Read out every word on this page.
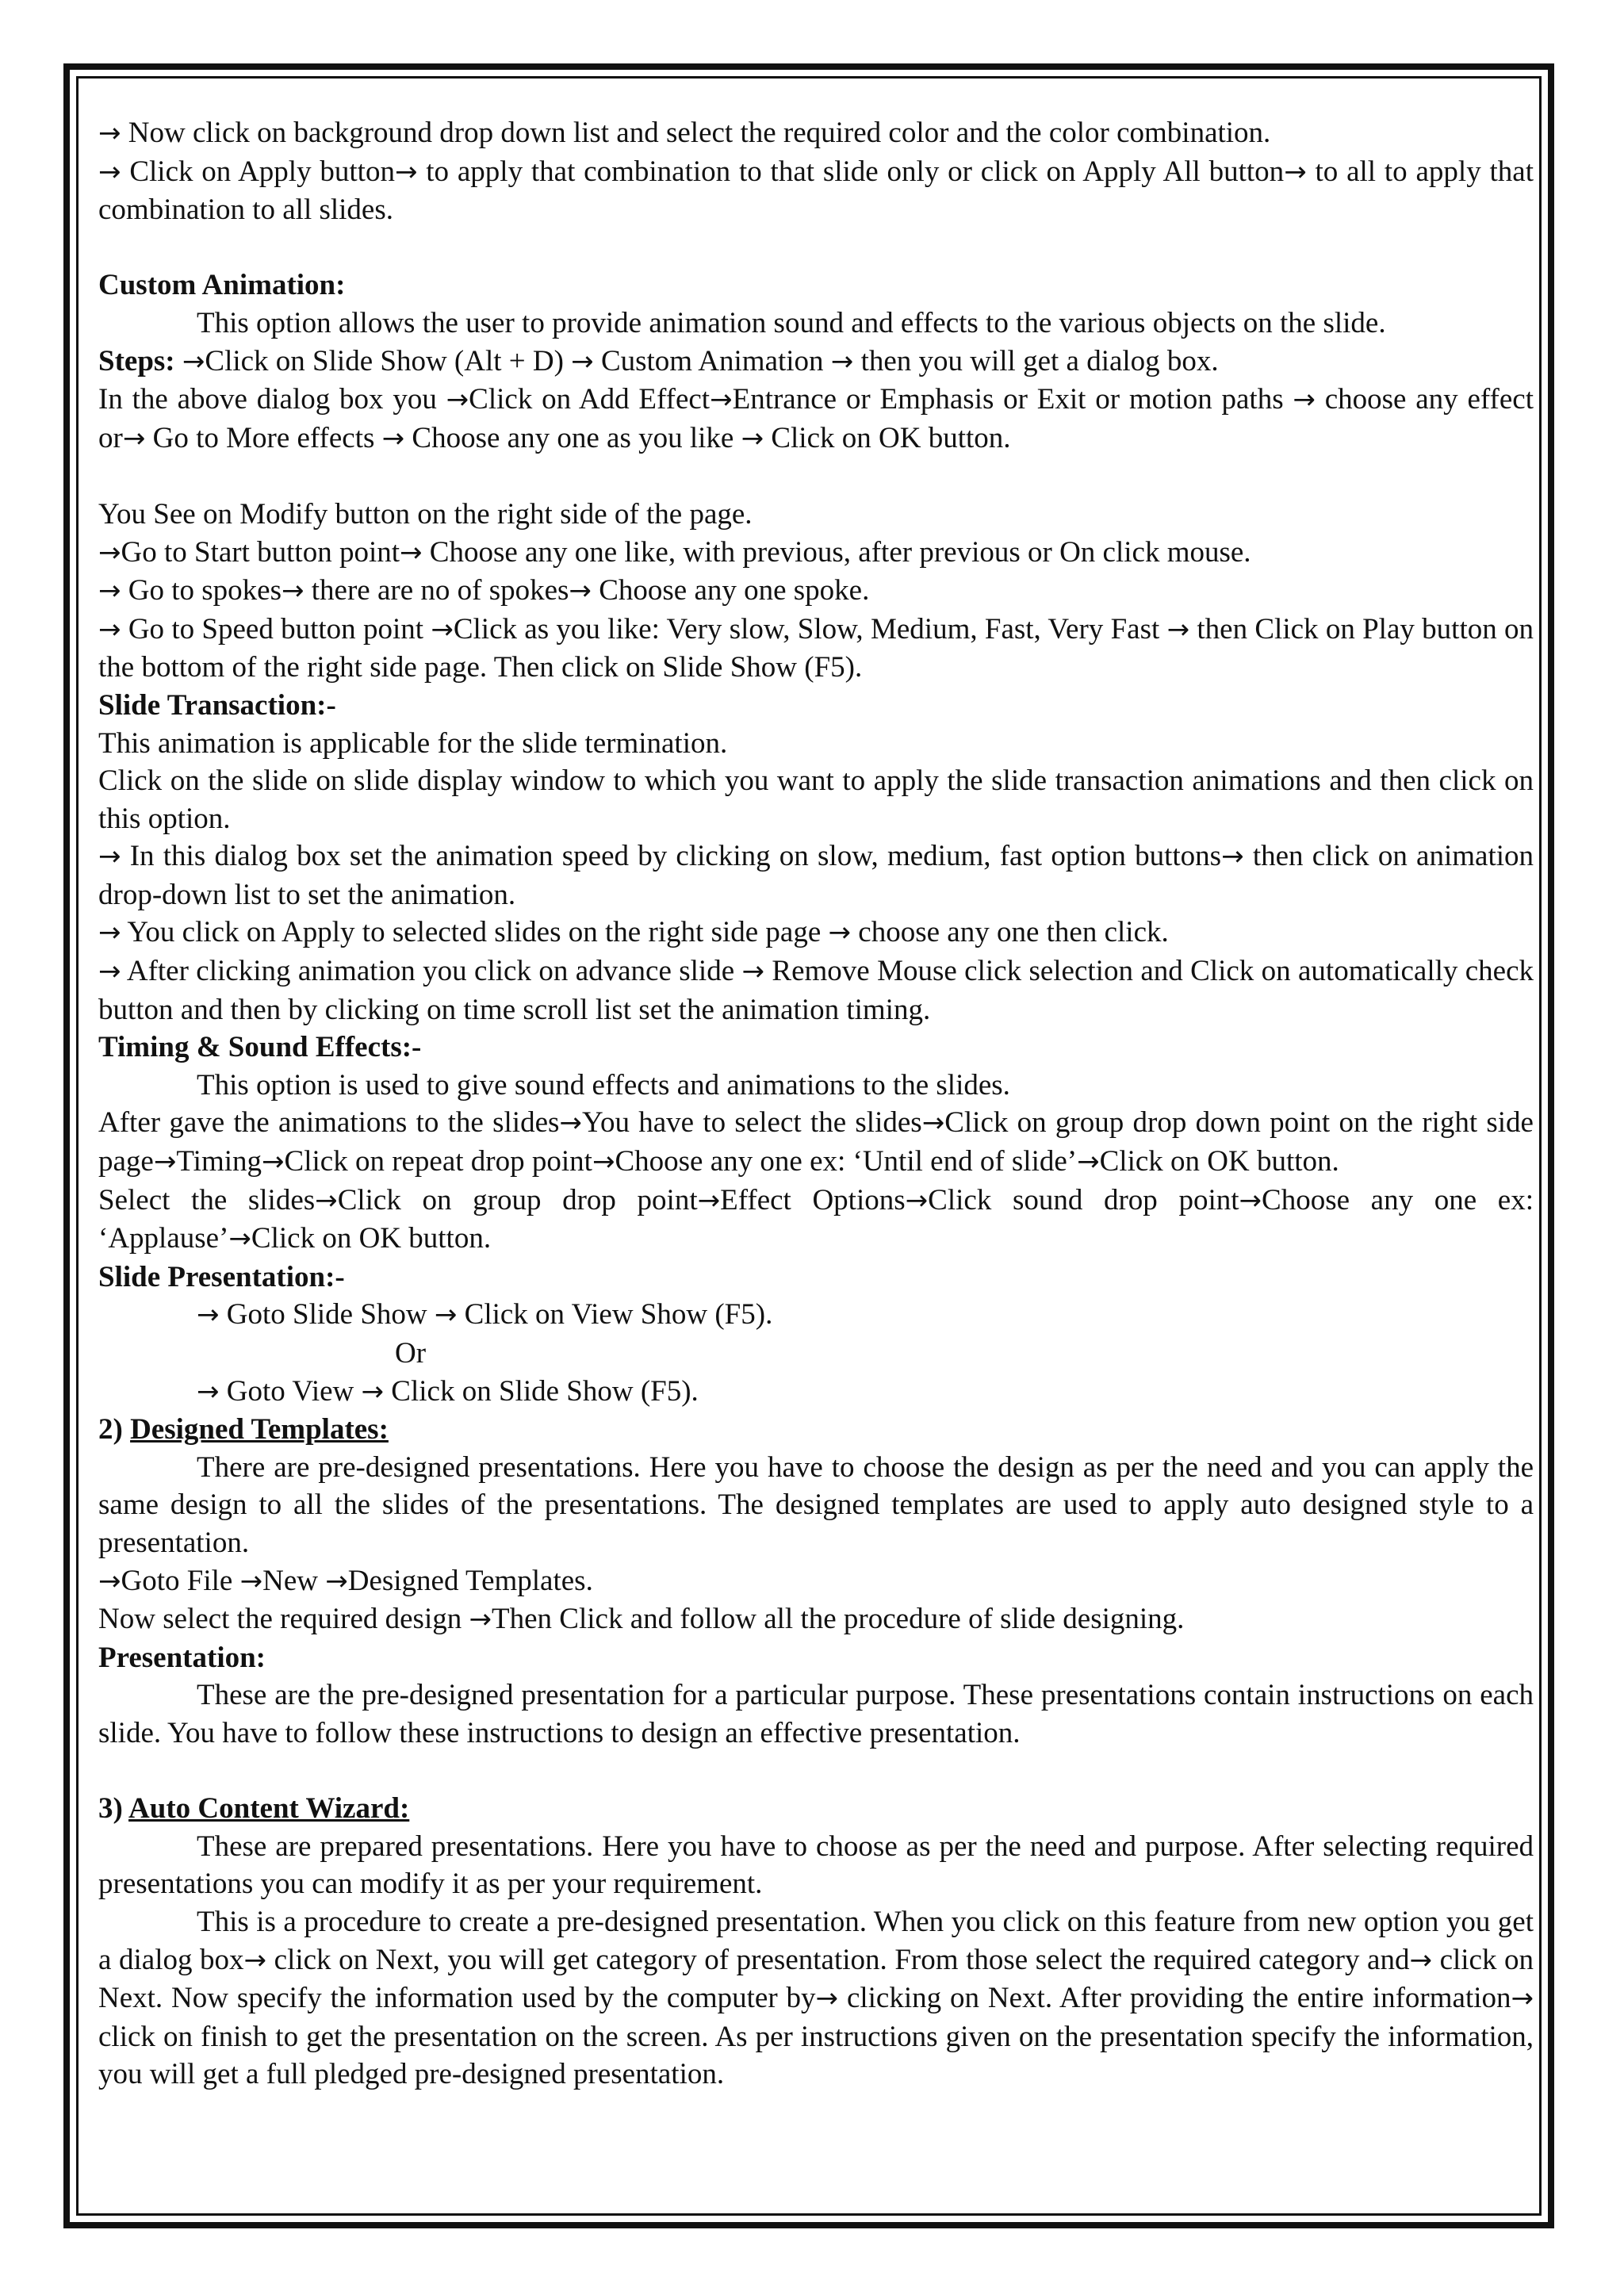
→ Now click on background drop down list and select the required color and the color combination.

→ Click on Apply button→ to apply that combination to that slide only or click on Apply All button→ to all to apply that combination to all slides.

Custom Animation:

This option allows the user to provide animation sound and effects to the various objects on the slide.

Steps: →Click on Slide Show (Alt + D) → Custom Animation → then you will get a dialog box.

In the above dialog box you →Click on Add Effect→Entrance or Emphasis or Exit or motion paths → choose any effect or→ Go to More effects → Choose any one as you like → Click on OK button.

You See on Modify button on the right side of the page.

→Go to Start button point→ Choose any one like, with previous, after previous or On click mouse.

→ Go to spokes→ there are no of spokes→ Choose any one spoke.

→ Go to Speed button point →Click as you like: Very slow, Slow, Medium, Fast, Very Fast → then Click on Play button on the bottom of the right side page. Then click on Slide Show (F5).

Slide Transaction:-

This animation is applicable for the slide termination.

Click on the slide on slide display window to which you want to apply the slide transaction animations and then click on this option.

→ In this dialog box set the animation speed by clicking on slow, medium, fast option buttons→ then click on animation drop-down list to set the animation.

→ You click on Apply to selected slides on the right side page → choose any one then click.

→ After clicking animation you click on advance slide → Remove Mouse click selection and Click on automatically check button and then by clicking on time scroll list set the animation timing.

Timing & Sound Effects:-

This option is used to give sound effects and animations to the slides.

After gave the animations to the slides→You have to select the slides→Click on group drop down point on the right side page→Timing→Click on repeat drop point→Choose any one ex: ‘Until end of slide’→Click on OK button.

Select the slides→Click on group drop point→Effect Options→Click sound drop point→Choose any one ex: ‘Applause’→Click on OK button.

Slide Presentation:-

→ Goto Slide Show → Click on View Show (F5).

Or

→ Goto View → Click on Slide Show (F5).

2) Designed Templates:

There are pre-designed presentations. Here you have to choose the design as per the need and you can apply the same design to all the slides of the presentations. The designed templates are used to apply auto designed style to a presentation.

→Goto File →New →Designed Templates.

Now select the required design →Then Click and follow all the procedure of slide designing.

Presentation:

These are the pre-designed presentation for a particular purpose. These presentations contain instructions on each slide. You have to follow these instructions to design an effective presentation.

3) Auto Content Wizard:

These are prepared presentations. Here you have to choose as per the need and purpose. After selecting required presentations you can modify it as per your requirement.

This is a procedure to create a pre-designed presentation. When you click on this feature from new option you get a dialog box→ click on Next, you will get category of presentation. From those select the required category and→ click on Next. Now specify the information used by the computer by→ clicking on Next. After providing the entire information→ click on finish to get the presentation on the screen. As per instructions given on the presentation specify the information, you will get a full pledged pre-designed presentation.
